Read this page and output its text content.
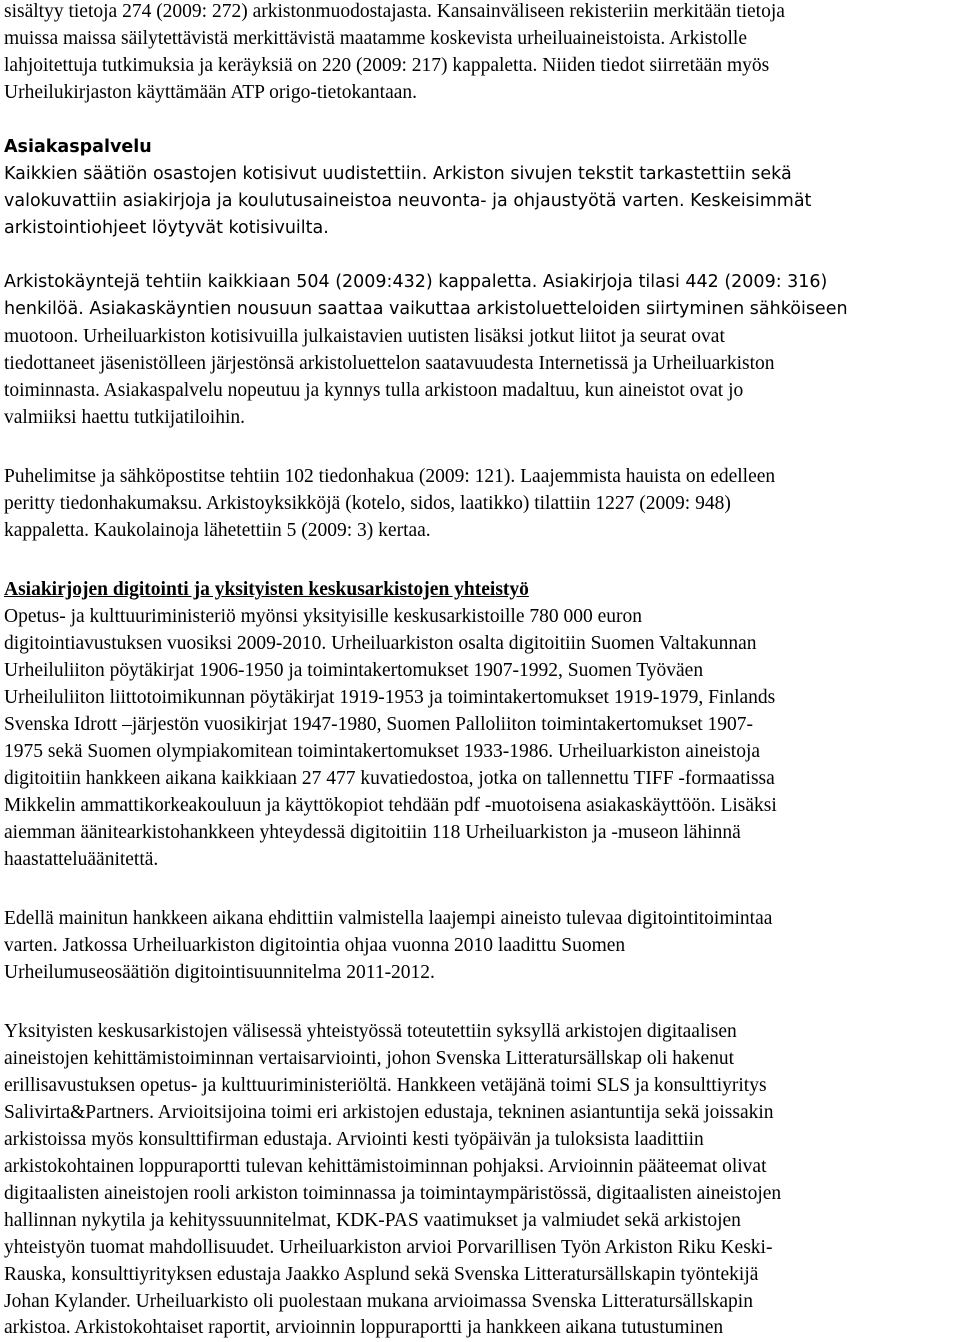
sisältyy tietoja 274 (2009: 272) arkistonmuodostajasta. Kansainväliseen rekisteriin merkitään tietoja
muissa maissa säilytettävistä merkittävistä maatamme koskevista urheiluaineistoista. Arkistolle
lahjoitettuja tutkimuksia ja keräyksiä on 220 (2009: 217) kappaletta. Niiden tiedot siirretään myös
Urheilukirjaston käyttämään ATP origo-tietokantaan.
Asiakaspalvelu
Kaikkien säätiön osastojen kotisivut uudistettiin. Arkiston sivujen tekstit tarkastettiin sekä
valokuvattiin asiakirjoja ja koulutusaineistoa neuvonta- ja ohjaustyötä varten. Keskeisimmät
arkistointiohjeet löytyvät kotisivuilta.
Arkistokäyntejä tehtiin kaikkiaan 504 (2009:432) kappaletta. Asiakirjoja tilasi 442 (2009: 316)
henkilöä. Asiakaskäyntien nousuun saattaa vaikuttaa arkistoluetteloiden siirtyminen sähköiseen
muotoon. Urheiluarkiston kotisivuilla julkaistavien uutisten lisäksi jotkut liitot ja seurat ovat
tiedottaneet jäsenistölleen järjestönsä arkistoluettelon saatavuudesta Internetissä ja Urheiluarkiston
toiminnasta. Asiakaspalvelu nopeutuu ja kynnys tulla arkistoon madaltuu, kun aineistot ovat jo
valmiiksi haettu tutkijatiloihin.
Puhelimitse ja sähköpostitse tehtiin 102 tiedonhakua (2009: 121). Laajemmista hauista on edelleen
peritty tiedonhakumaksu. Arkistoyksikköjä (kotelo, sidos, laatikko) tilattiin 1227 (2009: 948)
kappaletta. Kaukolainoja lähetettiin 5 (2009: 3) kertaa.
Asiakirjojen digitointi ja yksityisten keskusarkistojen yhteistyö
Opetus- ja kulttuuriministeriö myönsi yksityisille keskusarkistoille 780 000 euron
digitointiavustuksen vuosiksi 2009-2010. Urheiluarkiston osalta digitoitiin Suomen Valtakunnan
Urheiluliiton pöytäkirjat 1906-1950 ja toimintakertomukset 1907-1992, Suomen Työväen
Urheiluliiton liittotoimikunnan pöytäkirjat 1919-1953 ja toimintakertomukset 1919-1979, Finlands
Svenska Idrott –järjestön vuosikirjat 1947-1980, Suomen Palloliiton toimintakertomukset 1907-
1975 sekä Suomen olympiakomitean toimintakertomukset 1933-1986. Urheiluarkiston aineistoja
digitoitiin hankkeen aikana kaikkiaan 27 477 kuvatiedostoa, jotka on tallennettu TIFF -formaatissa
Mikkelin ammattikorkeakouluun ja käyttökopiot tehdään pdf -muotoisena asiakaskäyttöön. Lisäksi
aiemman äänitearkistohankkeen yhteydessä digitoitiin 118 Urheiluarkiston ja -museon lähinnä
haastatteluäänitettä.
Edellä mainitun hankkeen aikana ehdittiin valmistella laajempi aineisto tulevaa digitointitoimintaa
varten. Jatkossa Urheiluarkiston digitointia ohjaa vuonna 2010 laadittu Suomen
Urheilumuseosäätiön digitointisuunnitelma 2011-2012.
Yksityisten keskusarkistojen välisessä yhteistyössä toteutettiin syksyllä arkistojen digitaalisen
aineistojen kehittämistoiminnan vertaisarviointi, johon Svenska Litteratursällskap oli hakenut
erillisavustuksen opetus- ja kulttuuriministeriöltä. Hankkeen vetäjänä toimi SLS ja konsulttiyritys
Salivirta&Partners. Arvioitsijoina toimi eri arkistojen edustaja, tekninen asiantuntija sekä joissakin
arkistoissa myös konsulttifirman edustaja. Arviointi kesti työpäivän ja tuloksista laadittiin
arkistokohtainen loppuraportti tulevan kehittämistoiminnan pohjaksi. Arvioinnin pääteemat olivat
digitaalisten aineistojen rooli arkiston toiminnassa ja toimintaympäristössä, digitaalisten aineistojen
hallinnan nykytila ja kehityssuunnitelmat, KDK-PAS vaatimukset ja valmiudet sekä arkistojen
yhteistyön tuomat mahdollisuudet. Urheiluarkiston arvioi Porvarillisen Työn Arkiston Riku Keski-
Rauska, konsulttiyrityksen edustaja Jaakko Asplund sekä Svenska Litteratursällskapin työntekijä
Johan Kylander. Urheiluarkisto oli puolestaan mukana arvioimassa Svenska Litteratursällskapin
arkistoa. Arkistokohtaiset raportit, arvioinnin loppuraportti ja hankkeen aikana tutustuminen
